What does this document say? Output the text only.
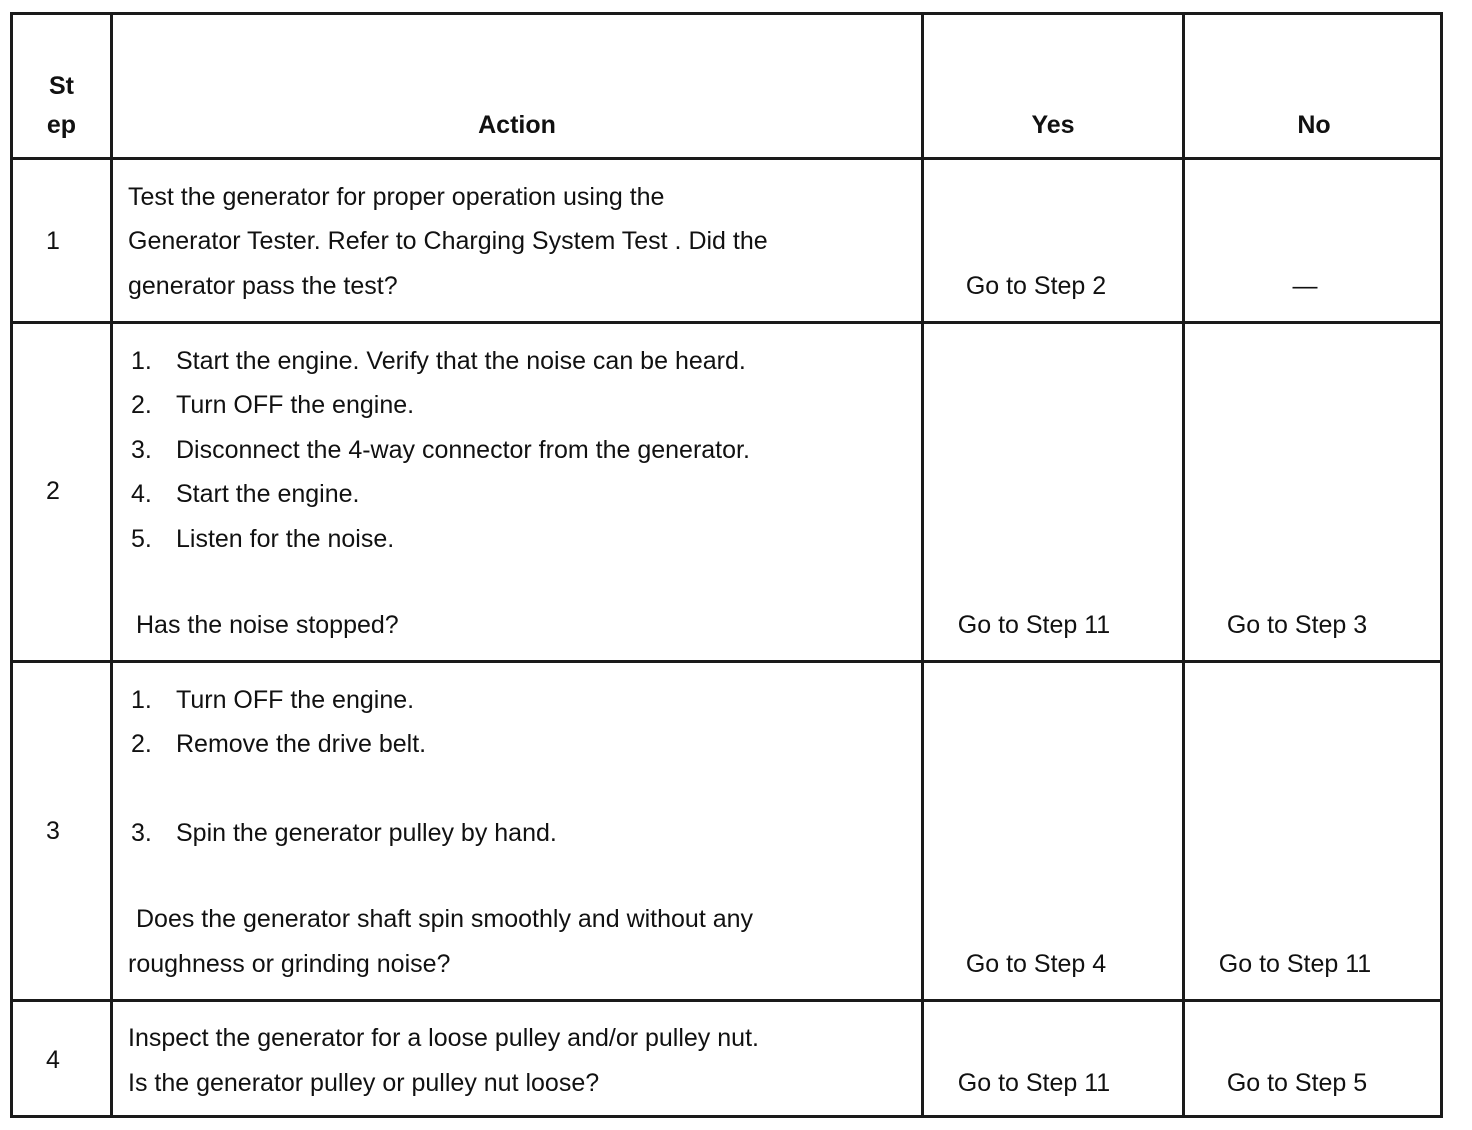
St
ep	Action	Yes	No
1
Test the generator for proper operation using the
Generator Tester. Refer to Charging System Test . Did the
generator pass the test?	Go to Step 2	—
2
1. Start the engine. Verify that the noise can be heard.
2. Turn OFF the engine.
3. Disconnect the 4-way connector from the generator.
4. Start the engine.
5. Listen for the noise.
Has the noise stopped?	Go to Step 11	Go to Step 3
3
1. Turn OFF the engine.
2. Remove the drive belt.
3. Spin the generator pulley by hand.
Does the generator shaft spin smoothly and without any
roughness or grinding noise?	Go to Step 4	Go to Step 11
4
Inspect the generator for a loose pulley and/or pulley nut.
Is the generator pulley or pulley nut loose?	Go to Step 11	Go to Step 5
